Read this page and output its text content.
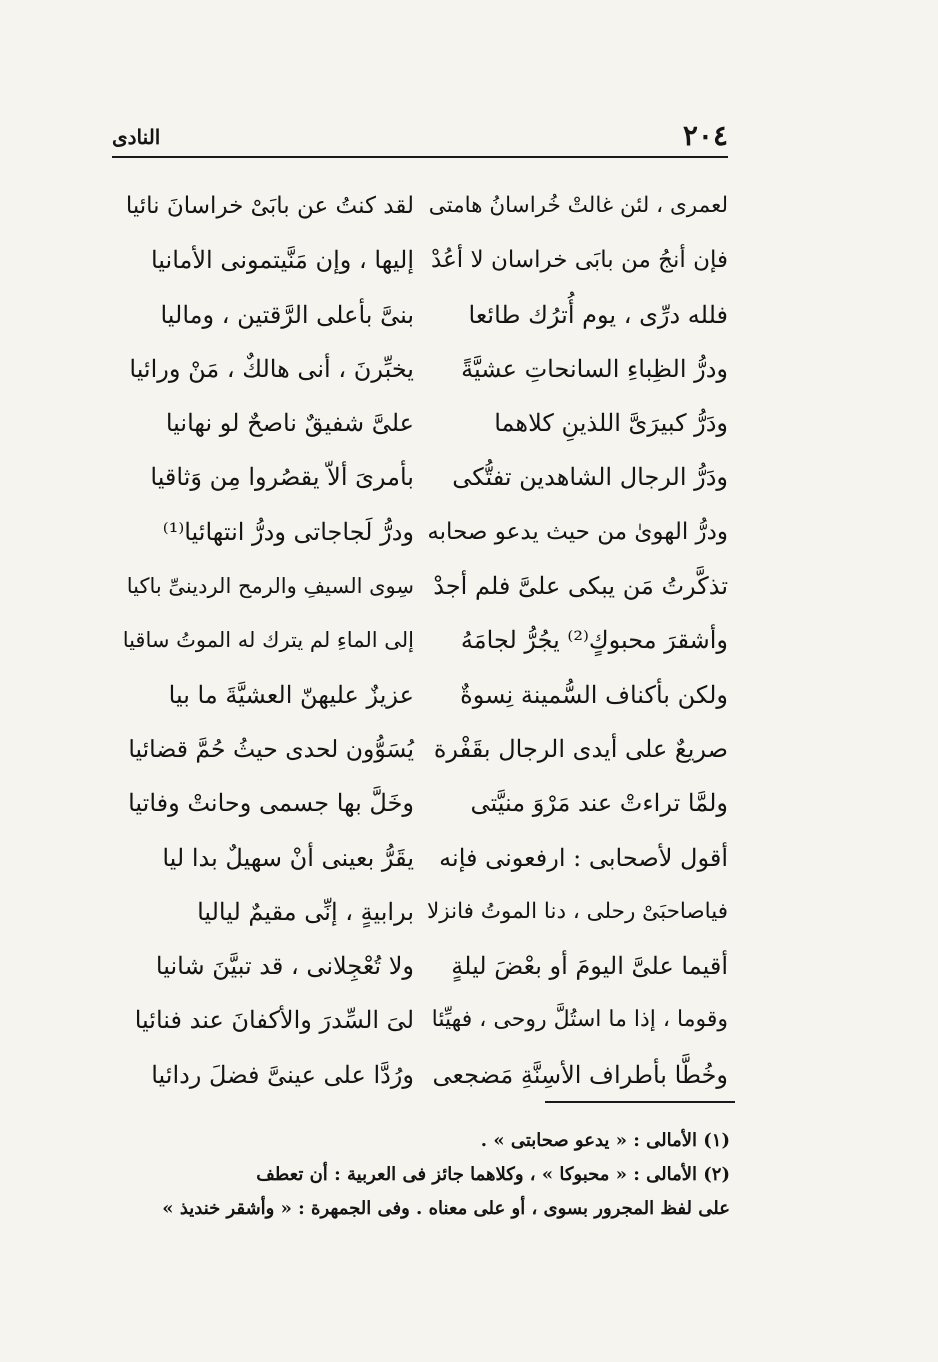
٢٠٤
النادى
لعمرى ، لئن غالتْ خُراسانُ هامتى
لقد كنتُ عن بابَىْ خراسانَ نائيا
فإن أنجُ من بابَى خراسان لا أعُدْ
إليها ، وإن مَنَّيتمونى الأمانيا
فلله درِّى ، يوم أُترُك طائعا
بنىَّ بأعلى الرَّقتين ، وماليا
ودرُّ الظِباءِ السانحاتِ عشيَّةً
يخبِّرنَ ، أنى هالكٌ ، مَنْ ورائيا
ودَرُّ كبيرَىَّ اللذينِ كلاهما
علىَّ شفيقٌ ناصحٌ لو نهانيا
ودَرُّ الرجال الشاهدين تفتُّكى
بأمرىَ ألاّ يقصُروا مِن وَثاقيا
ودرُّ الهوىٰ من حيث يدعو صحابه
ودرُّ لَجاجاتى ودرُّ انتهائيا⁽¹⁾
تذكَّرتُ مَن يبكى علىَّ فلم أجدْ
سِوى السيفِ والرمح الردينىِّ باكيا
وأشقرَ محبوكٍ⁽²⁾ يجُرُّ لجامَهُ
إلى الماءِ لم يترك له الموتُ ساقيا
ولكن بأكناف السُّمينة نِسوةٌ
عزيزٌ عليهنّ العشيَّةَ ما بيا
صريعٌ على أيدى الرجال بقَفْرة
يُسَوُّون لحدى حيثُ حُمَّ قضائيا
ولمَّا تراءتْ عند مَرْوَ منيَّتى
وخَلَّ بها جسمى وحانتْ وفاتيا
أقول لأصحابى : ارفعونى فإنه
يقَرُّ بعينى أنْ سهيلٌ بدا ليا
فياصاحبَىْ رحلى ، دنا الموتُ فانزلا
برابيةٍ ، إنِّى مقيمٌ لياليا
أقيما علىَّ اليومَ أو بعْضَ ليلةٍ
ولا تُعْجِلانى ، قد تبيَّنَ شانيا
وقوما ، إذا ما استُلَّ روحى ، فهيِّئا
لىَ السِّدرَ والأكفانَ عند فنائيا
وخُطَّا بأطراف الأسِنَّةِ مَضجعى
ورُدَّا على عينىَّ فضلَ ردائيا
(١) الأمالى : « يدعو صحابتى » .
(٢) الأمالى : « محبوكا » ، وكلاهما جائز فى العربية : أن تعطف
على لفظ المجرور بسوى ، أو على معناه . وفى الجمهرة : « وأشقر خنديذ »
